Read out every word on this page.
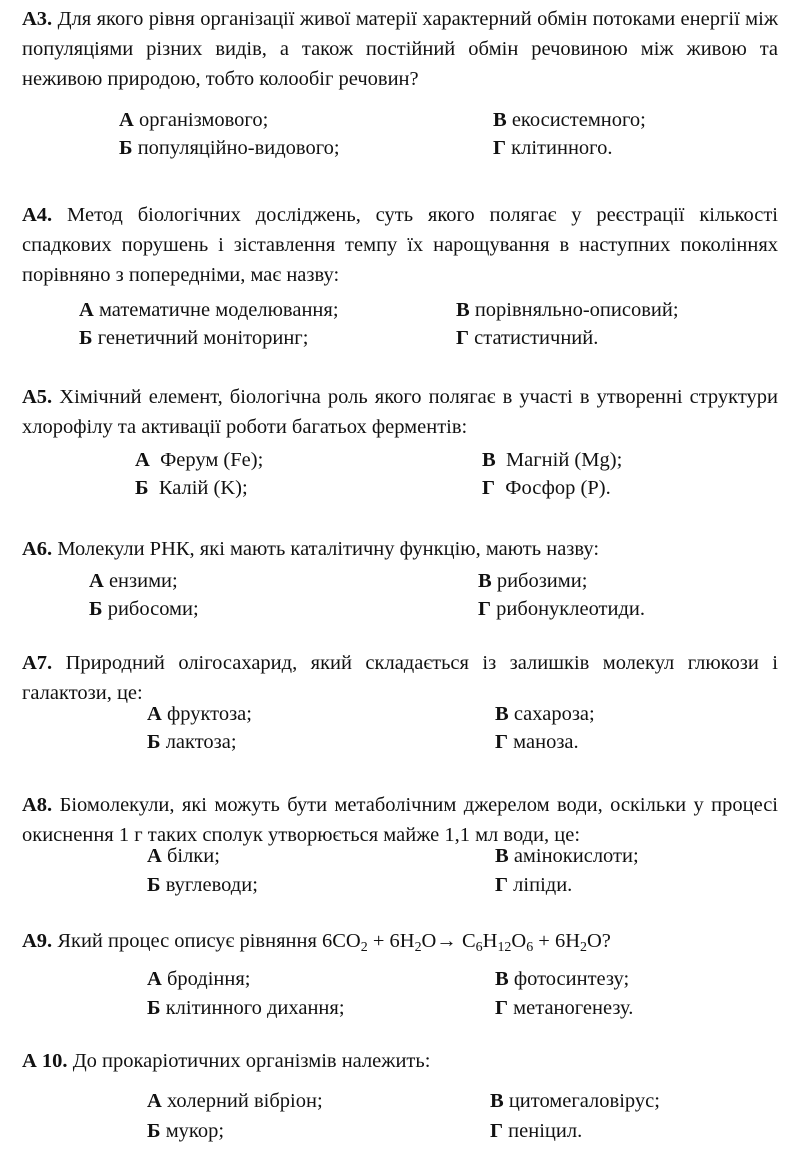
А3. Для якого рівня організації живої матерії характерний обмін потоками енергії між популяціями різних видів, а також постійний обмін речовиною між живою та неживою природою, тобто колообіг речовин?
А організмового;
Б популяційно-видового;
В екосистемного;
Г клітинного.
А4. Метод біологічних досліджень, суть якого полягає у реєстрації кількості спадкових порушень і зіставлення темпу їх нарощування в наступних поколіннях порівняно з попередніми, має назву:
А математичне моделювання;
Б генетичний моніторинг;
В порівняльно-описовий;
Г статистичний.
А5. Хімічний елемент, біологічна роль якого полягає в участі в утворенні структури хлорофілу та активації роботи багатьох ферментів:
А Ферум (Fe);
Б Калій (K);
В Магній (Mg);
Г Фосфор (P).
А6. Молекули РНК, які мають каталітичну функцію, мають назву:
А ензими;
Б рибосоми;
В рибозими;
Г рибонуклеотиди.
А7. Природний олігосахарид, який складається із залишків молекул глюкози і галактози, це:
А фруктоза;
Б лактоза;
В сахароза;
Г маноза.
А8. Біомолекули, які можуть бути метаболічним джерелом води, оскільки у процесі окиснення 1 г таких сполук утворюється майже 1,1 мл води, це:
А білки;
Б вуглеводи;
В амінокислоти;
Г ліпіди.
А9. Який процес описує рівняння $6CO_2 + 6H_2O\to C_6H_{12}O_6 + 6H_2O$?
А бродіння;
Б клітинного дихання;
В фотосинтезу;
Г метаногенезу.
А 10. До прокаріотичних організмів належить:
А холерний вібріон;
Б мукор;
В цитомегаловірус;
Г пеніцил.
